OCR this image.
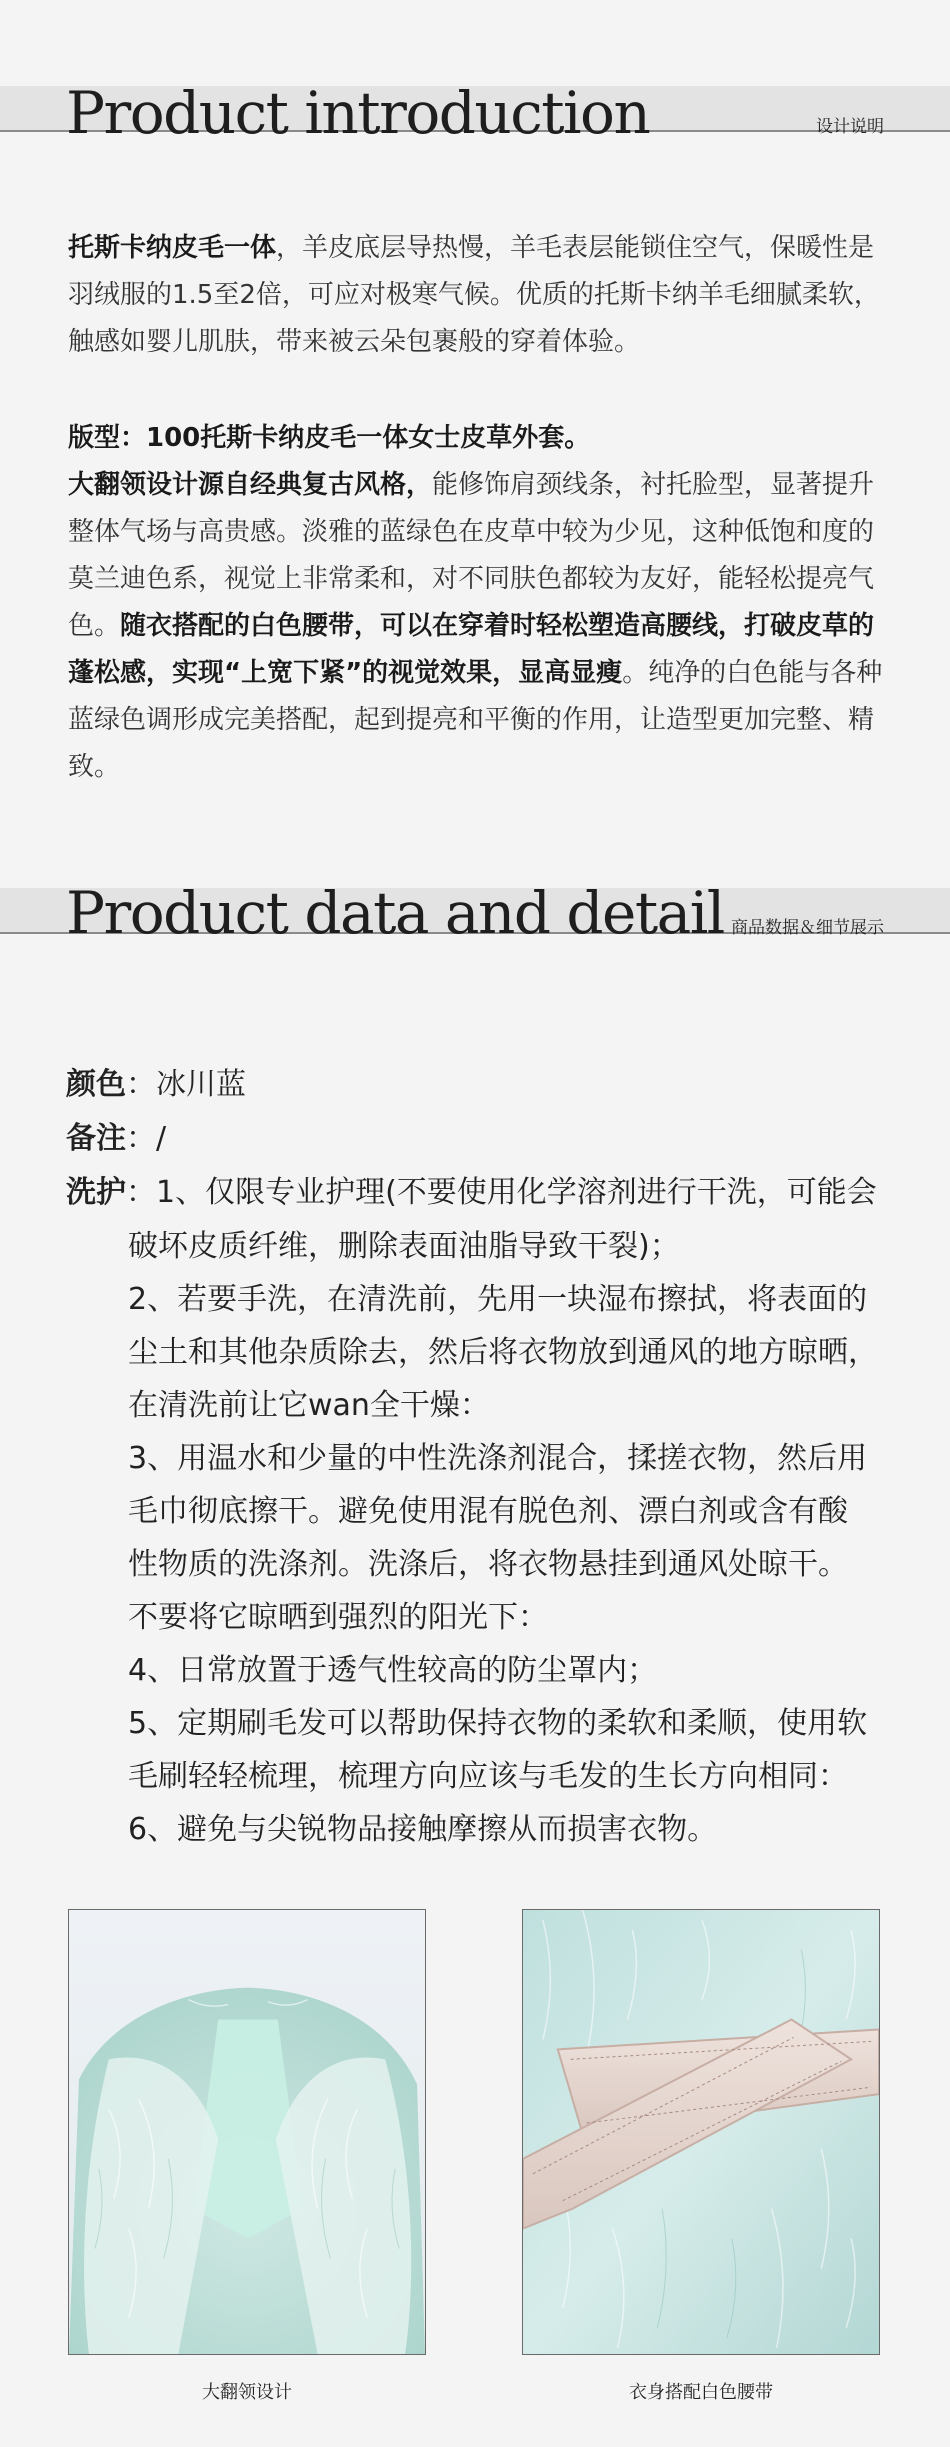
Product introduction	设计说明

托斯卡纳皮毛一体，羊皮底层导热慢，羊毛表层能锁住空气，保暖性是羽绒服的1.5至2倍，可应对极寒气候。优质的托斯卡纳羊毛细腻柔软，触感如婴儿肌肤，带来被云朵包裹般的穿着体验。

版型：100托斯卡纳皮毛一体女士皮草外套。
大翻领设计源自经典复古风格，能修饰肩颈线条，衬托脸型，显著提升整体气场与高贵感。淡雅的蓝绿色在皮草中较为少见，这种低饱和度的莫兰迪色系，视觉上非常柔和，对不同肤色都较为友好，能轻松提亮气色。随衣搭配的白色腰带，可以在穿着时轻松塑造高腰线，打破皮草的蓬松感，实现“上宽下紧”的视觉效果，显高显瘦。纯净的白色能与各种蓝绿色调形成完美搭配，起到提亮和平衡的作用，让造型更加完整、精致。
Product data and detail 商品数据＆细节展示

颜色：冰川蓝
备注：/
洗护：1、仅限专业护理(不要使用化学溶剂进行干洗，可能会
破坏皮质纤维，删除表面油脂导致干裂)；
2、若要手洗，在清洗前，先用一块湿布擦拭，将表面的
尘土和其他杂质除去，然后将衣物放到通风的地方晾晒，
在清洗前让它wan全干燥：
3、用温水和少量的中性洗涤剂混合，揉搓衣物，然后用
毛巾彻底擦干。避免使用混有脱色剂、漂白剂或含有酸
性物质的洗涤剂。洗涤后，将衣物悬挂到通风处晾干。
不要将它晾晒到强烈的阳光下：
4、日常放置于透气性较高的防尘罩内；
5、定期刷毛发可以帮助保持衣物的柔软和柔顺，使用软
毛刷轻轻梳理，梳理方向应该与毛发的生长方向相同：
6、避免与尖锐物品接触摩擦从而损害衣物。

大翻领设计	衣身搭配白色腰带
